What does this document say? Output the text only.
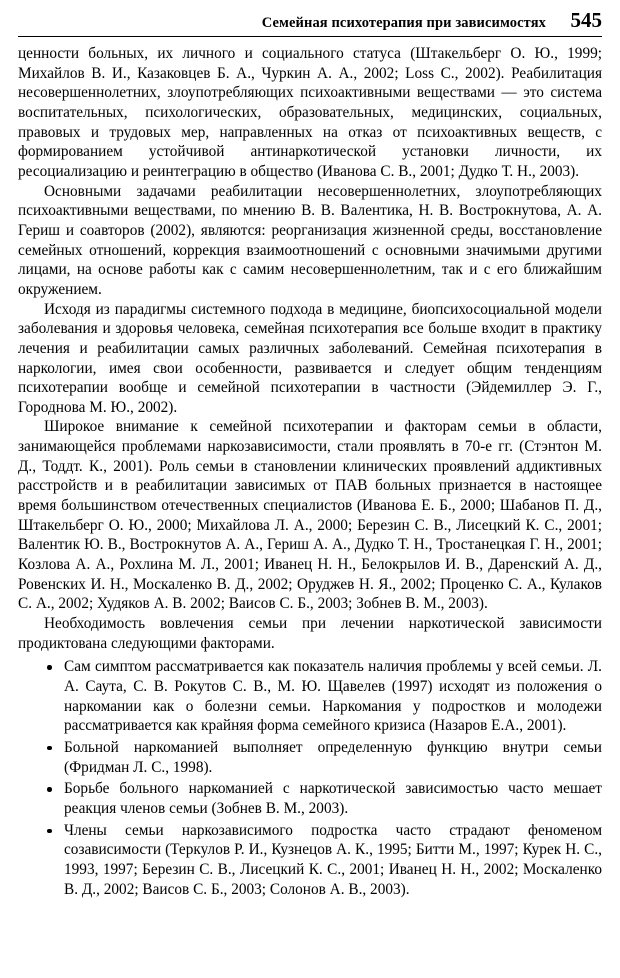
Семейная психотерапия при зависимостях	545

ценности больных, их личного и социального статуса (Штакельберг О. Ю., 1999; Михайлов В. И., Казаковцев Б. А., Чуркин А. А., 2002; Loss C., 2002). Реабилитация несовершеннолетних, злоупотребляющих психоактивными веществами — это система воспитательных, психологических, образовательных, медицинских, социальных, правовых и трудовых мер, направленных на отказ от психоактивных веществ, с формированием устойчивой антинаркотической установки личности, их ресоциализацию и реинтеграцию в общество (Иванова С. В., 2001; Дудко Т. Н., 2003).

Основными задачами реабилитации несовершеннолетних, злоупотребляющих психоактивными веществами, по мнению В. В. Валентика, Н. В. Вострокнутова, А. А. Гериш и соавторов (2002), являются: реорганизация жизненной среды, восстановление семейных отношений, коррекция взаимоотношений с основными значимыми другими лицами, на основе работы как с самим несовершеннолетним, так и с его ближайшим окружением.

Исходя из парадигмы системного подхода в медицине, биопсихосоциальной модели заболевания и здоровья человека, семейная психотерапия все больше входит в практику лечения и реабилитации самых различных заболеваний. Семейная психотерапия в наркологии, имея свои особенности, развивается и следует общим тенденциям психотерапии вообще и семейной психотерапии в частности (Эйдемиллер Э. Г., Городнова М. Ю., 2002).

Широкое внимание к семейной психотерапии и факторам семьи в области, занимающейся проблемами наркозависимости, стали проявлять в 70-е гг. (Стэнтон М. Д., Тоддт. К., 2001). Роль семьи в становлении клинических проявлений аддиктивных расстройств и в реабилитации зависимых от ПАВ больных признается в настоящее время большинством отечественных специалистов (Иванова Е. Б., 2000; Шабанов П. Д., Штакельберг О. Ю., 2000; Михайлова Л. А., 2000; Березин С. В., Лисецкий К. С., 2001; Валентик Ю. В., Вострокнутов А. А., Гериш А. А., Дудко Т. Н., Тростанецкая Г. Н., 2001; Козлова А. А., Рохлина М. Л., 2001; Иванец Н. Н., Белокрылов И. В., Даренский А. Д., Ровенских И. Н., Москаленко В. Д., 2002; Оруджев Н. Я., 2002; Проценко С. А., Кулаков С. А., 2002; Худяков А. В. 2002; Ваисов С. Б., 2003; Зобнев В. М., 2003).

Необходимость вовлечения семьи при лечении наркотической зависимости продиктована следующими факторами.

Сам симптом рассматривается как показатель наличия проблемы у всей семьи. Л. А. Саута, С. В. Рокутов С. В., М. Ю. Щавелев (1997) исходят из положения о наркомании как о болезни семьи. Наркомания у подростков и молодежи рассматривается как крайняя форма семейного кризиса (Назаров Е.А., 2001).
Больной наркоманией выполняет определенную функцию внутри семьи (Фридман Л. С., 1998).
Борьбе больного наркоманией с наркотической зависимостью часто мешает реакция членов семьи (Зобнев В. М., 2003).
Члены семьи наркозависимого подростка часто страдают феноменом созависимости (Теркулов Р. И., Кузнецов А. К., 1995; Битти М., 1997; Курек Н. С., 1993, 1997; Березин С. В., Лисецкий К. С., 2001; Иванец Н. Н., 2002; Москаленко В. Д., 2002; Ваисов С. Б., 2003; Солонов А. В., 2003).
